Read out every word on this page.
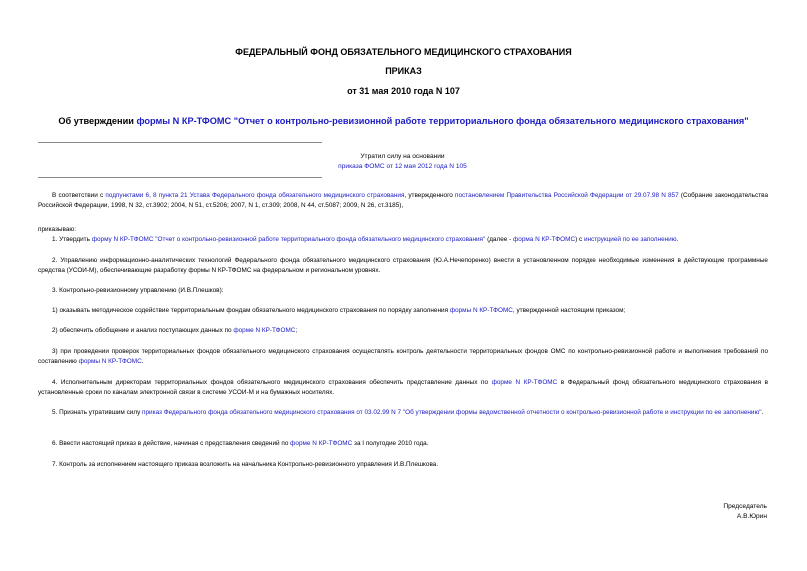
ФЕДЕРАЛЬНЫЙ ФОНД ОБЯЗАТЕЛЬНОГО МЕДИЦИНСКОГО СТРАХОВАНИЯ
ПРИКАЗ
от 31 мая 2010 года N 107
Об утверждении формы N КР-ТФОМС "Отчет о контрольно-ревизионной работе территориального фонда обязательного медицинского страхования"
Утратил силу на основании
приказа ФОМС от 12 мая 2012 года N 105

В соответствии с подпунктами 6, 8 пункта 21 Устава Федерального фонда обязательного медицинского страхования, утвержденного постановлением Правительства Российской Федерации от 29.07.98 N 857 (Собрание законодательства Российской Федерации, 1998, N 32, ст.3902; 2004, N 51, ст.5206; 2007, N 1, ст.309; 2008, N 44, ст.5087; 2009, N 26, ст.3185),

приказываю:

1. Утвердить форму N КР-ТФОМС "Отчет о контрольно-ревизионной работе территориального фонда обязательного медицинского страхования" (далее - форма N КР-ТФОМС) с инструкцией по ее заполнению.

2. Управлению информационно-аналитических технологий Федерального фонда обязательного медицинского страхования (Ю.А.Нечепоренко) внести в установленном порядке необходимые изменения в действующие программные средства (УСОИ-М), обеспечивающие разработку формы N КР-ТФОМС на федеральном и региональном уровнях.

3. Контрольно-ревизионному управлению (И.В.Плешков):

1) оказывать методическое содействие территориальным фондам обязательного медицинского страхования по порядку заполнения формы N КР-ТФОМС, утвержденной настоящим приказом;

2) обеспечить обобщение и анализ поступающих данных по форме N КР-ТФОМС;

3) при проведении проверок территориальных фондов обязательного медицинского страхования осуществлять контроль деятельности территориальных фондов ОМС по контрольно-ревизионной работе и выполнения требований по составлению формы N КР-ТФОМС.

4. Исполнительным директорам территориальных фондов обязательного медицинского страхования обеспечить представление данных по форме N КР-ТФОМС в Федеральный фонд обязательного медицинского страхования в установленные сроки по каналам электронной связи в системе УСОИ-М и на бумажных носителях.

5. Признать утратившим силу приказ Федерального фонда обязательного медицинского страхования от 03.02.99 N 7 "Об утверждении формы ведомственной отчетности о контрольно-ревизионной работе и инструкции по ее заполнению".

6. Ввести настоящий приказ в действие, начиная с представления сведений по форме N КР-ТФОМС за I полугодие 2010 года.

7. Контроль за исполнением настоящего приказа возложить на начальника Контрольно-ревизионного управления И.В.Плешкова.

Председатель
А.В.Юрин
